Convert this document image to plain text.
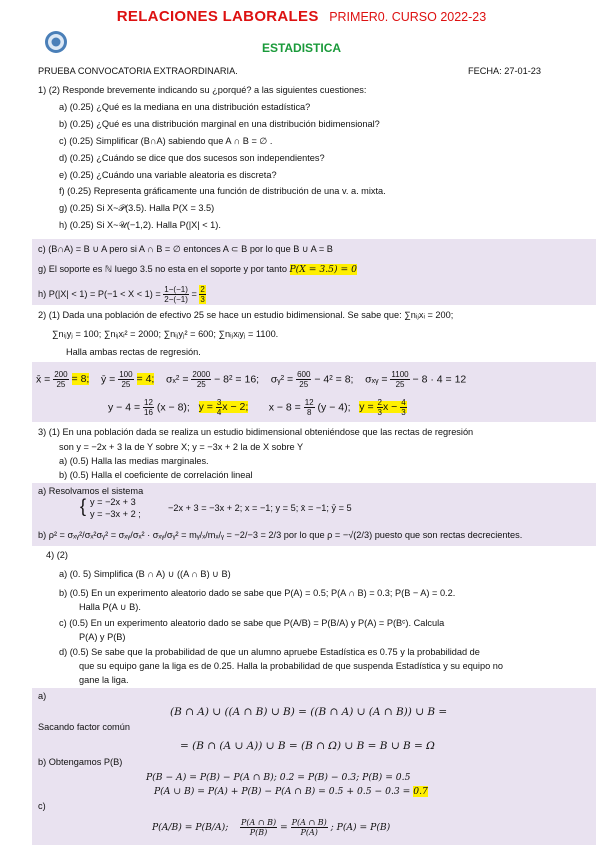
RELACIONES LABORALES PRIMER0. CURSO 2022-23
ESTADISTICA
PRUEBA CONVOCATORIA EXTRAORDINARIA.	FECHA: 27-01-23
1) (2) Responde brevemente indicando su ¿porqué? a las siguientes cuestiones:
a) (0.25) ¿Qué es la mediana en una distribución estadística?
b) (0.25) ¿Qué es una distribución marginal en una distribución bidimensional?
c) (0.25) Simplificar (B∩A) sabiendo que A ∩ B = ∅ .
d) (0.25) ¿Cuándo se dice que dos sucesos son independientes?
e) (0.25) ¿Cuándo una variable aleatoria es discreta?
f) (0.25) Representa gráficamente una función de distribución de una v. a. mixta.
g) (0.25) Si X~𝒫(3.5). Halla P(X = 3.5)
h) (0.25) Si X~𝒰(−1,2). Halla P(|X| < 1).
c) (B∩A) = B ∪ A pero si A ∩ B = ∅ entonces A ⊂ B por lo que B ∪ A = B
g) El soporte es ℕ luego 3.5 no esta en el soporte y por tanto P(X = 3.5) = 0
h) $P(|X| < 1) = P(-1 < X < 1) = \frac{1-(-1)}{2-(-1)} = \frac{2}{3}$
2) (1) Dada una población de efectivo 25 se hace un estudio bidimensional. Se sabe que: ∑nᵢⱼxᵢ = 200;
∑nᵢⱼyⱼ = 100; ∑nᵢⱼxᵢ² = 2000; ∑nᵢⱼyⱼ² = 600; ∑nᵢⱼxᵢyⱼ = 1100.
Halla ambas rectas de regresión.
x̄ = $\frac{200}{25} = 8$; ȳ = $\frac{100}{25} = 4$; $\sigma_x^2 = \frac{2000}{25} - 8^2 = 16$; σᵧ² = $\frac{600}{25} - 4^2 = 8$; σₓᵧ = $\frac{1100}{25} - 8 \cdot 4 = 12$
$y - 4 = \frac{12}{16} (x - 8)$; $y = \frac{3}{4}$ x − 2; $x - 8 = \frac{12}{8} (y - 4)$; $y = \frac{2}{3}$ $x - \frac{4}{3}$
3) (1) En una población dada se realiza un estudio bidimensional obteniéndose que las rectas de regresión
son y = −2x + 3 la de Y sobre X; y = −3x + 2 la de X sobre Y
a) (0.5) Halla las medias marginales.
b) (0.5) Halla el coeficiente de correlación lineal
a) Resolvamos el sistema
{ y = −2x + 3
y = −3x + 2 ;
−2x + 3 = −3x + 2; x = −1; y = 5; x̄ = −1; ȳ = 5
b) ρ² = σₓᵧ²/σₓ²σᵧ² = σₓᵧ/σₓ² · σₓᵧ/σᵧ² = mᵧ/ₓ/mₓ/ᵧ = −2/−3 = 2/3 por lo que ρ = −√(2/3) puesto que son rectas decrecientes.
4) (2)
a) (0. 5) Simplifica (B ∩ A) ∪ ((A ∩ B) ∪ B)
b) (0.5) En un experimento aleatorio dado se sabe que P(A) = 0.5; P(A ∩ B) = 0.3; P(B − A) = 0.2.
Halla P(A ∪ B).
c) (0.5) En un experimento aleatorio dado se sabe que P(A/B) = P(B/A) y P(A) = P(Bᶜ). Calcula
P(A) y P(B)
d) (0.5) Se sabe que la probabilidad de que un alumno apruebe Estadística es 0.75 y la probabilidad de
que su equipo gane la liga es de 0.25. Halla la probabilidad de que suspenda Estadística y su equipo no
gane la liga.
a)
(B ∩ A) ∪ ((A ∩ B) ∪ B) = ((B ∩ A) ∪ (A ∩ B)) ∪ B =
Sacando factor común
= (B ∩ (A ∪ A)) ∪ B = (B ∩ Ω) ∪ B = B ∪ B = Ω
b) Obtengamos P(B)
P(B − A) = P(B) − P(A ∩ B); 0.2 = P(B) − 0.3; P(B) = 0.5
P(A ∪ B) = P(A) + P(B) − P(A ∩ B) = 0.5 + 0.5 − 0.3 = 0.7
c)
P(A/B) = P(B/A); $\frac{P(A \cap B)}{P(B)} = \frac{P(A \cap B)}{P(A)}$ ; P(A) = P(B)
